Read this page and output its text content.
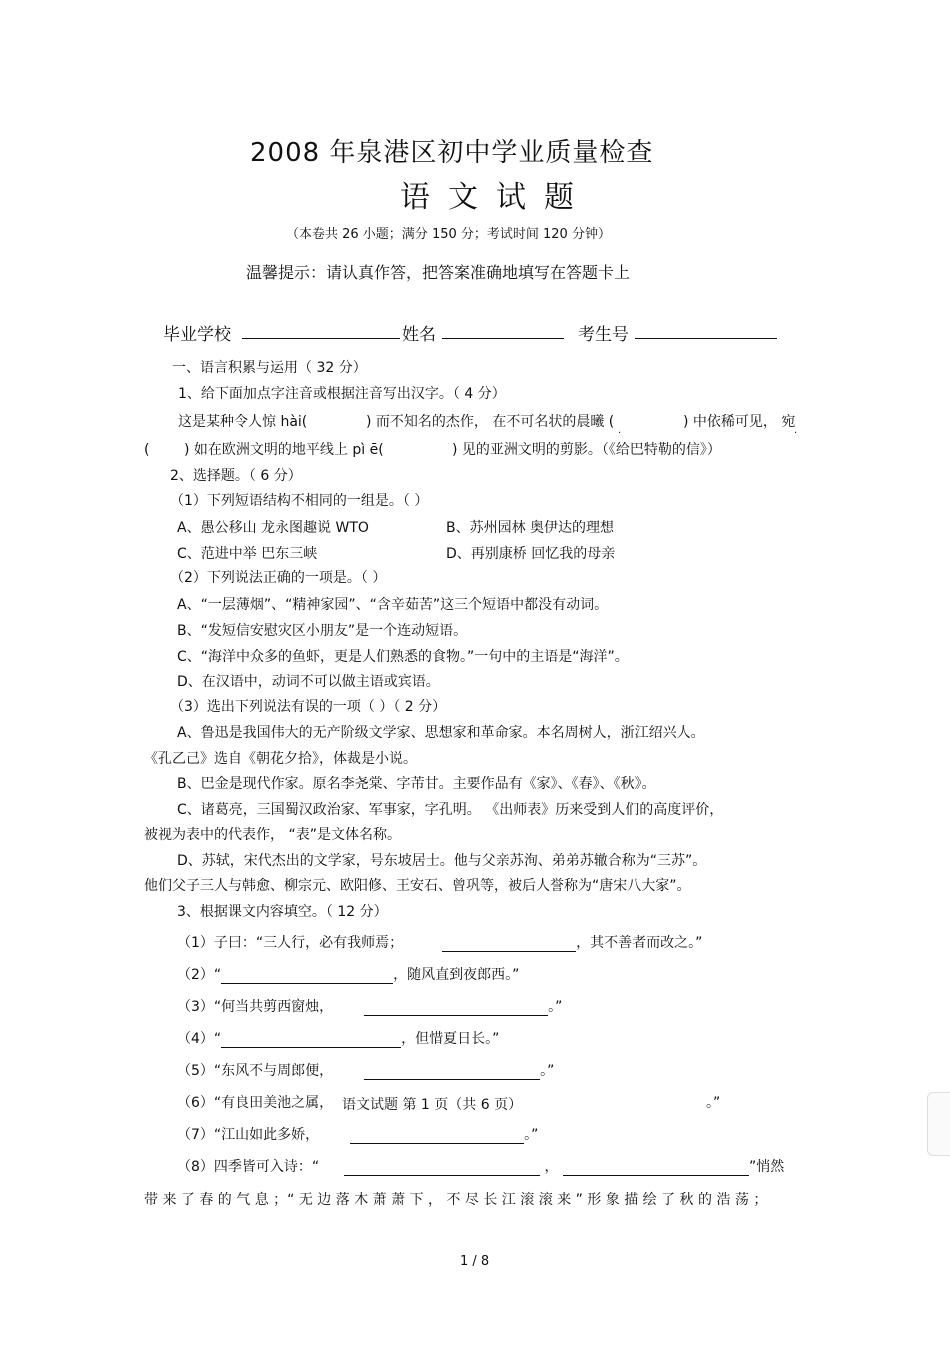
2008 年泉港区初中学业质量检查
语文试题
（本卷共 26 小题；满分 150 分；考试时间 120 分钟）
温馨提示：请认真作答，把答案准确地填写在答题卡上
毕业学校	姓名	考生号
一、语言积累与运用（ 32 分）
1、给下面加点字注音或根据注音写出汉字。（ 4 分）
这是某种令人惊 hài(	) 而不知名的杰作， 在不可名状的晨曦 (	) 中依稀可见， 宛
·	·
( ) 如在欧洲文明的地平线上 pì ē(	) 见的亚洲文明的剪影。（《给巴特勒的信》）
2、选择题。（ 6 分）
（1）下列短语结构不相同的一组是。（ ）
A、愚公移山 龙永图趣说 WTO	B、苏州园林 奥伊达的理想
C、范进中举 巴东三峡	D、再别康桥 回忆我的母亲
（2）下列说法正确的一项是。（ ）
A、“一层薄烟”、“精神家园”、“含辛茹苦”这三个短语中都没有动词。
B、“发短信安慰灾区小朋友”是一个连动短语。
C、“海洋中众多的鱼虾，更是人们熟悉的食物。”一句中的主语是“海洋”。
D、在汉语中，动词不可以做主语或宾语。
（3）选出下列说法有误的一项（ ）（ 2 分）
A、鲁迅是我国伟大的无产阶级文学家、思想家和革命家。本名周树人，浙江绍兴人。
《孔乙己》选自《朝花夕拾》，体裁是小说。
B、巴金是现代作家。原名李尧棠、字芾甘。主要作品有《家》、《春》、《秋》。
C、诸葛亮，三国蜀汉政治家、军事家，字孔明。 《出师表》历来受到人们的高度评价，
被视为表中的代表作， “表”是文体名称。
D、苏轼，宋代杰出的文学家，号东坡居士。他与父亲苏洵、弟弟苏辙合称为“三苏”。
他们父子三人与韩愈、柳宗元、欧阳修、王安石、曾巩等，被后人誉称为“唐宋八大家”。
3、根据课文内容填空。（ 12 分）
（1）子曰：“三人行，必有我师焉；	，其不善者而改之。”
（2）“	，随风直到夜郎西。”
（3）“何当共剪西窗烛，	。”
（4）“	，但惜夏日长。”
（5）“东风不与周郎便，	。”
（6）“有良田美池之属， 语文试题 第 1 页（共 6 页）	。”
（7）“江山如此多娇，	。”
（8）四季皆可入诗：“	，	”悄然
带 来 了 春 的 气 息 ；“ 无 边 落 木 萧 萧 下 ， 不 尽 长 江 滚 滚 来 ” 形 象 描 绘 了 秋 的 浩 荡 ；
1 / 8
